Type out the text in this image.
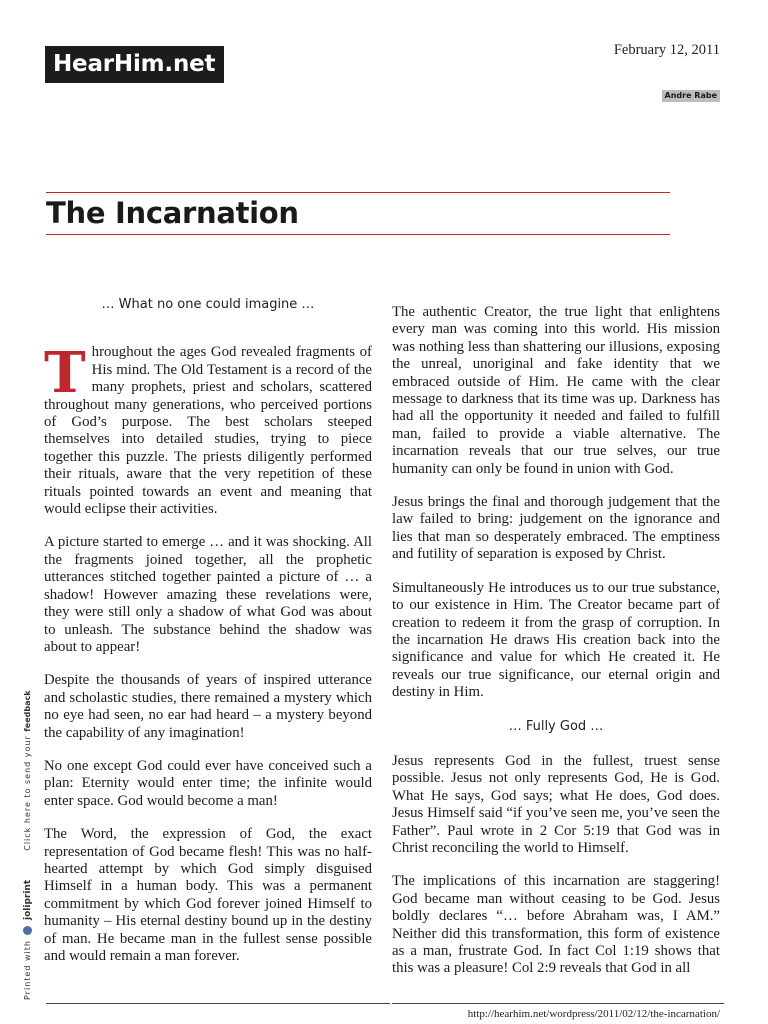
HearHim.net
February 12, 2011
Andre Rabe
The Incarnation

… What no one could imagine …

Throughout the ages God revealed fragments of His mind. The Old Testament is a record of the many prophets, priest and scholars, scattered throughout many generations, who perceived portions of God’s purpose. The best scholars steeped themselves into detailed studies, trying to piece together this puzzle. The priests diligently performed their rituals, aware that the very repetition of these rituals pointed towards an event and meaning that would eclipse their activities.

A picture started to emerge … and it was shocking. All the fragments joined together, all the prophetic utterances stitched together painted a picture of … a shadow! However amazing these revelations were, they were still only a shadow of what God was about to unleash. The substance behind the shadow was about to appear!

Despite the thousands of years of inspired utterance and scholastic studies, there remained a mystery which no eye had seen, no ear had heard – a mystery beyond the capability of any imagination!

No one except God could ever have conceived such a plan: Eternity would enter time; the infinite would enter space. God would become a man!

The Word, the expression of God, the exact representation of God became flesh! This was no half-hearted attempt by which God simply disguised Himself in a human body. This was a permanent commitment by which God forever joined Himself to humanity – His eternal destiny bound up in the destiny of man. He became man in the fullest sense possible and would remain a man forever.

The authentic Creator, the true light that enlightens every man was coming into this world. His mission was nothing less than shattering our illusions, exposing the unreal, unoriginal and fake identity that we embraced outside of Him. He came with the clear message to darkness that its time was up. Darkness has had all the opportunity it needed and failed to fulfill man, failed to provide a viable alternative. The incarnation reveals that our true selves, our true humanity can only be found in union with God.

Jesus brings the final and thorough judgement that the law failed to bring: judgement on the ignorance and lies that man so desperately embraced. The emptiness and futility of separation is exposed by Christ.

Simultaneously He introduces us to our true substance, to our existence in Him. The Creator became part of creation to redeem it from the grasp of corruption. In the incarnation He draws His creation back into the significance and value for which He created it. He reveals our true significance, our eternal origin and destiny in Him.

… Fully God …

Jesus represents God in the fullest, truest sense possible. Jesus not only represents God, He is God. What He says, God says; what He does, God does. Jesus Himself said “if you’ve seen me, you’ve seen the Father”. Paul wrote in 2 Cor 5:19 that God was in Christ reconciling the world to Himself.

The implications of this incarnation are staggering! God became man without ceasing to be God. Jesus boldly declares “… before Abraham was, I AM.” Neither did this transformation, this form of existence as a man, frustrate God. In fact Col 1:19 shows that this was a pleasure! Col 2:9 reveals that God in all

Printed with  joliprint  Click here to send your feedback
http://hearhim.net/wordpress/2011/02/12/the-incarnation/
